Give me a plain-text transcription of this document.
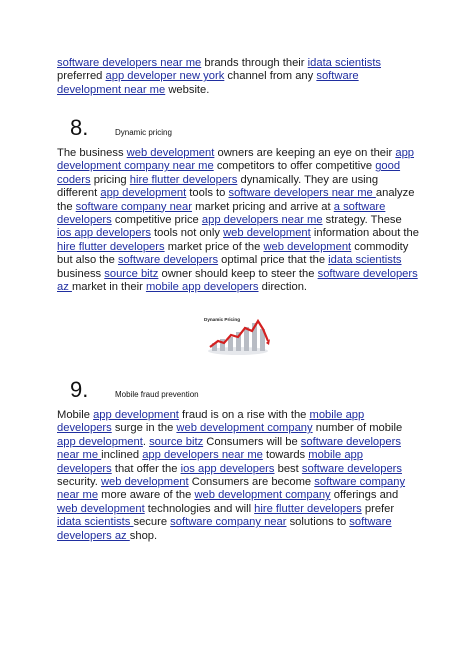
software developers near me brands through their idata scientists preferred app developer new york channel from any software development near me website.

8.	Dynamic pricing

The business web development owners are keeping an eye on their app development company near me competitors to offer competitive good coders pricing hire flutter developers dynamically. They are using different app development tools to software developers near me analyze the software company near market pricing and arrive at a software developers competitive price app developers near me strategy. These ios app developers tools not only web development information about the hire flutter developers market price of the web development commodity but also the software developers optimal price that the idata scientists business source bitz owner should keep to steer the software developers az market in their mobile app developers direction.

Dynamic Pricing
9.	Mobile fraud prevention

Mobile app development fraud is on a rise with the mobile app developers surge in the web development company number of mobile app development. source bitz Consumers will be software developers near me inclined app developers near me towards mobile app developers that offer the ios app developers best software developers security. web development Consumers are become software company near me more aware of the web development company offerings and web development technologies and will hire flutter developers prefer idata scientists secure software company near solutions to software developers az shop.
